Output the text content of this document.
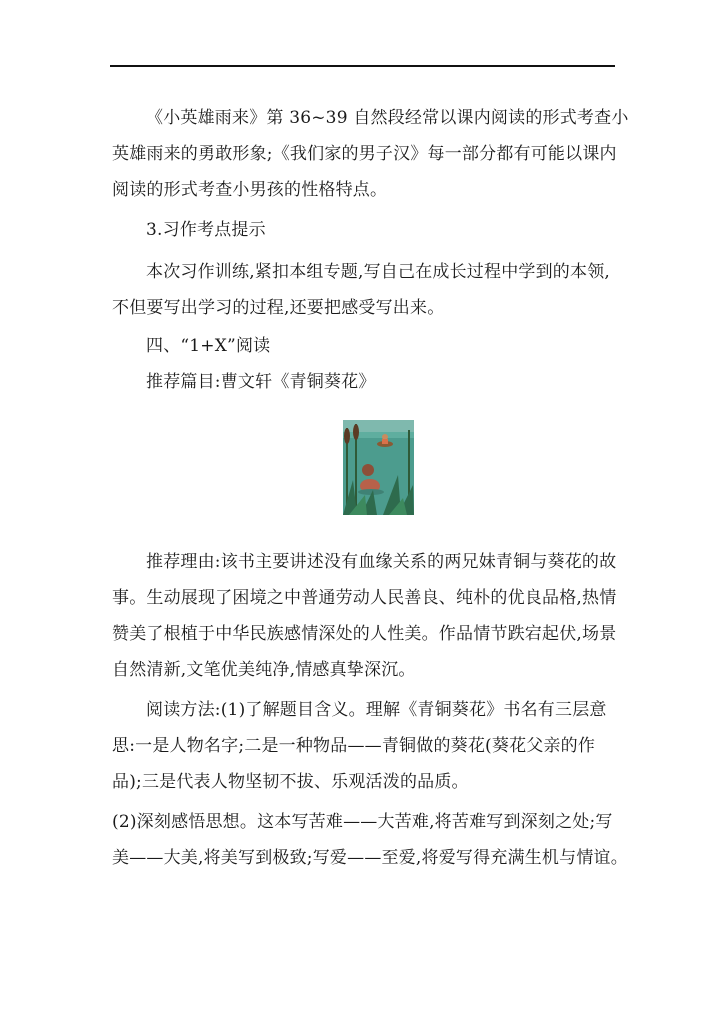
《小英雄雨来》第 36~39 自然段经常以课内阅读的形式考查小
英雄雨来的勇敢形象;《我们家的男子汉》每一部分都有可能以课内
阅读的形式考查小男孩的性格特点。
3.习作考点提示
本次习作训练,紧扣本组专题,写自己在成长过程中学到的本领,
不但要写出学习的过程,还要把感受写出来。
四、“1+X”阅读
推荐篇目:曹文轩《青铜葵花》
推荐理由:该书主要讲述没有血缘关系的两兄妹青铜与葵花的故
事。生动展现了困境之中普通劳动人民善良、纯朴的优良品格,热情
赞美了根植于中华民族感情深处的人性美。作品情节跌宕起伏,场景
自然清新,文笔优美纯净,情感真挚深沉。
阅读方法:(1)了解题目含义。理解《青铜葵花》书名有三层意
思:一是人物名字;二是一种物品——青铜做的葵花(葵花父亲的作
品);三是代表人物坚韧不拔、乐观活泼的品质。
(2)深刻感悟思想。这本写苦难——大苦难,将苦难写到深刻之处;写
美——大美,将美写到极致;写爱——至爱,将爱写得充满生机与情谊。
